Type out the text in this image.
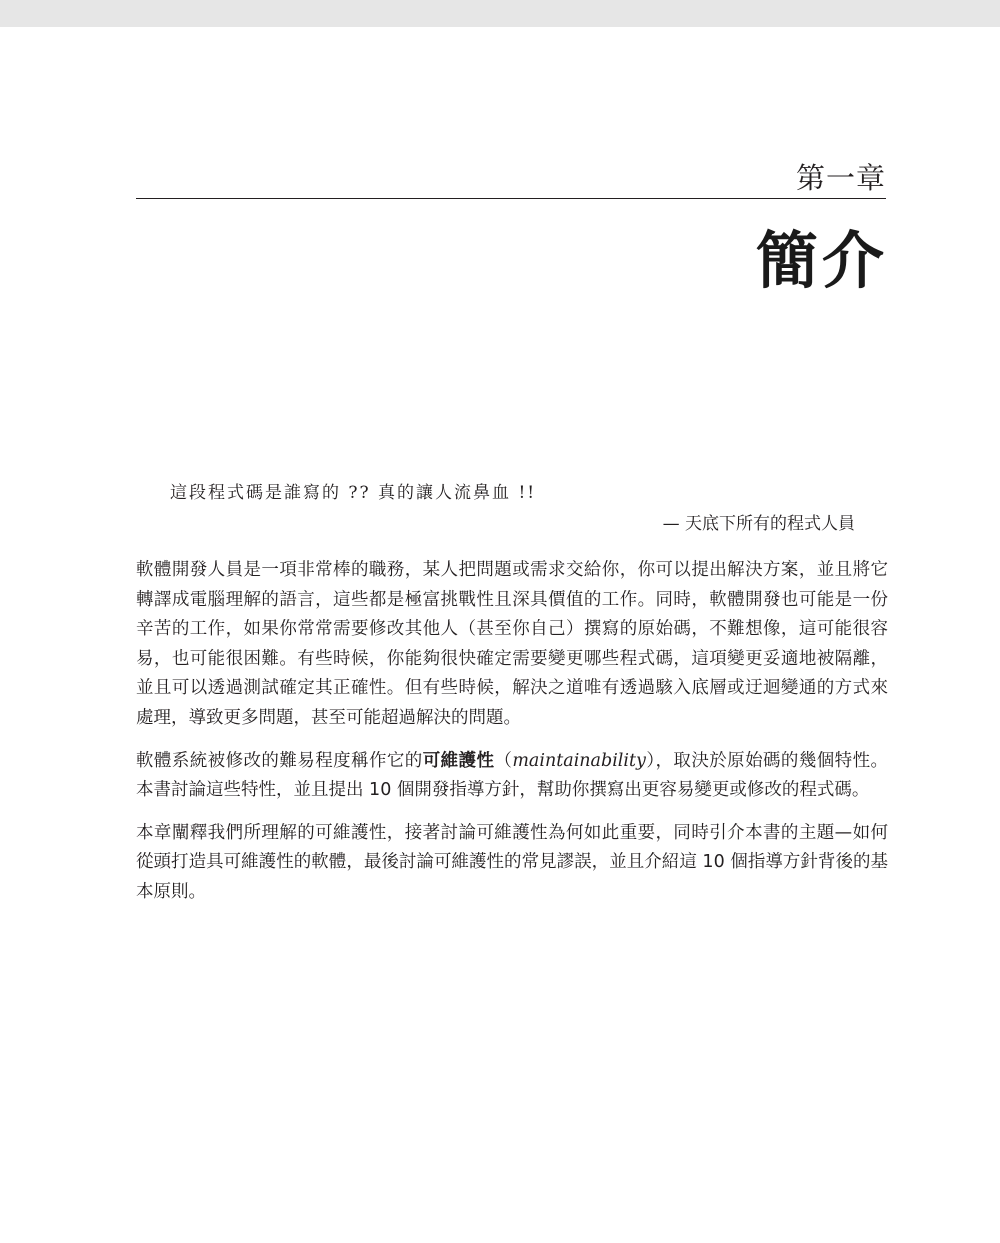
第一章
簡介
這段程式碼是誰寫的 ?? 真的讓人流鼻血 !!
— 天底下所有的程式人員

軟體開發人員是一項非常棒的職務，某人把問題或需求交給你，你可以提出解決方案，並且將它轉譯成電腦理解的語言，這些都是極富挑戰性且深具價值的工作。同時，軟體開發也可能是一份辛苦的工作，如果你常常需要修改其他人（甚至你自己）撰寫的原始碼，不難想像，這可能很容易，也可能很困難。有些時候，你能夠很快確定需要變更哪些程式碼，這項變更妥適地被隔離，並且可以透過測試確定其正確性。但有些時候，解決之道唯有透過駭入底層或迂迴變通的方式來處理，導致更多問題，甚至可能超過解決的問題。

軟體系統被修改的難易程度稱作它的可維護性（maintainability），取決於原始碼的幾個特性。本書討論這些特性，並且提出 10 個開發指導方針，幫助你撰寫出更容易變更或修改的程式碼。

本章闡釋我們所理解的可維護性，接著討論可維護性為何如此重要，同時引介本書的主題—如何從頭打造具可維護性的軟體，最後討論可維護性的常見謬誤，並且介紹這 10 個指導方針背後的基本原則。
